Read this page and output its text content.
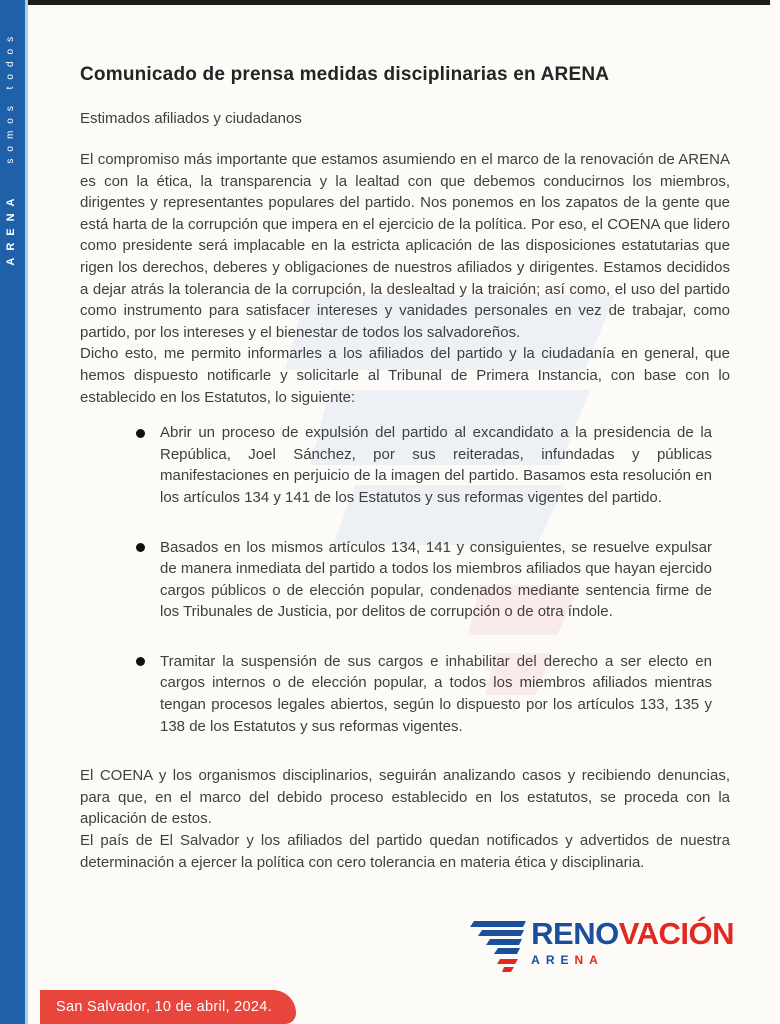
ARENA somos todos	Comunicado de prensa medidas disciplinarias en ARENA
Estimados afiliados y ciudadanos

El compromiso más importante que estamos asumiendo en el marco de la renovación de ARENA es con la ética, la transparencia y la lealtad con que debemos conducirnos los miembros, dirigentes y representantes populares del partido. Nos ponemos en los zapatos de la gente que está harta de la corrupción que impera en el ejercicio de la política. Por eso, el COENA que lidero como presidente será implacable en la estricta aplicación de las disposiciones estatutarias que rigen los derechos, deberes y obligaciones de nuestros afiliados y dirigentes. Estamos decididos a dejar atrás la tolerancia de la corrupción, la deslealtad y la traición; así como, el uso del partido como instrumento para satisfacer intereses y vanidades personales en vez de trabajar, como partido, por los intereses y el bienestar de todos los salvadoreños.

Dicho esto, me permito informarles a los afiliados del partido y la ciudadanía en general, que hemos dispuesto notificarle y solicitarle al Tribunal de Primera Instancia, con base con lo establecido en los Estatutos, lo siguiente:

Abrir un proceso de expulsión del partido al excandidato a la presidencia de la República, Joel Sánchez, por sus reiteradas, infundadas y públicas manifestaciones en perjuicio de la imagen del partido. Basamos esta resolución en los artículos 134 y 141 de los Estatutos y sus reformas vigentes del partido.
Basados en los mismos artículos 134, 141 y consiguientes, se resuelve expulsar de manera inmediata del partido a todos los miembros afiliados que hayan ejercido cargos públicos o de elección popular, condenados mediante sentencia firme de los Tribunales de Justicia, por delitos de corrupción o de otra índole.
Tramitar la suspensión de sus cargos e inhabilitar del derecho a ser electo en cargos internos o de elección popular, a todos los miembros afiliados mientras tengan procesos legales abiertos, según lo dispuesto por los artículos 133, 135 y 138 de los Estatutos y sus reformas vigentes.

El COENA y los organismos disciplinarios, seguirán analizando casos y recibiendo denuncias, para que, en el marco del debido proceso establecido en los estatutos, se proceda con la aplicación de estos.

El país de El Salvador y los afiliados del partido quedan notificados y advertidos de nuestra determinación a ejercer la política con cero tolerancia en materia ética y disciplinaria.

RENOVACIÓN
ARENA
San Salvador, 10 de abril, 2024.
